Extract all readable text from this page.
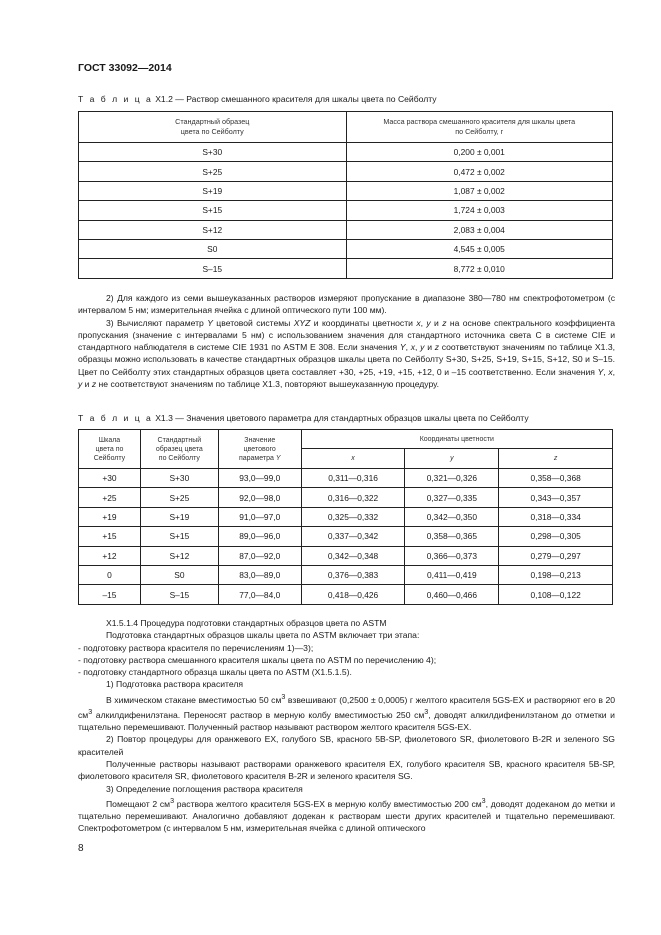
ГОСТ 33092—2014
Т а б л и ц а X1.2 — Раствор смешанного красителя для шкалы цвета по Сейболту
Стандартный образец
цвета по Сейболту	Масса раствора смешанного красителя для шкалы цвета
по Сейболту, г
S+30	0,200 ± 0,001
S+25	0,472 ± 0,002
S+19	1,087 ± 0,002
S+15	1,724 ± 0,003
S+12	2,083 ± 0,004
S0	4,545 ± 0,005
S–15	8,772 ± 0,010

2) Для каждого из семи вышеуказанных растворов измеряют пропускание в диапазоне 380—780 нм спектрофотометром (с интервалом 5 нм; измерительная ячейка с длиной оптического пути 100 мм).

3) Вычисляют параметр Y цветовой системы XYZ и координаты цветности x, y и z на основе спектрального коэффициента пропускания (значение с интервалами 5 нм) с использованием значения для стандартного источника света С в системе CIE и стандартного наблюдателя в системе CIE 1931 по ASTM E 308. Если значения Y, x, y и z соответствуют значениям по таблице X1.3, образцы можно использовать в качестве стандартных образцов шкалы цвета по Сейболту S+30, S+25, S+19, S+15, S+12, S0 и S–15. Цвет по Сейболту этих стандартных образцов цвета составляет +30, +25, +19, +15, +12, 0 и –15 соответственно. Если значения Y, x, y и z не соответствуют значениям по таблице X1.3, повторяют вышеуказанную процедуру.

Т а б л и ц а X1.3 — Значения цветового параметра для стандартных образцов шкалы цвета по Сейболту
Шкала
цвета по
Сейболту	Стандартный
образец цвета
по Сейболту	Значение
цветового
параметра Y	Координаты цветности		
			x	y	z
+30	S+30	93,0—99,0	0,311—0,316	0,321—0,326	0,358—0,368
+25	S+25	92,0—98,0	0,316—0,322	0,327—0,335	0,343—0,357
+19	S+19	91,0—97,0	0,325—0,332	0,342—0,350	0,318—0,334
+15	S+15	89,0—96,0	0,337—0,342	0,358—0,365	0,298—0,305
+12	S+12	87,0—92,0	0,342—0,348	0,366—0,373	0,279—0,297
0	S0	83,0—89,0	0,376—0,383	0,411—0,419	0,198—0,213
–15	S–15	77,0—84,0	0,418—0,426	0,460—0,466	0,108—0,122

X1.5.1.4 Процедура подготовки стандартных образцов цвета по ASTM

Подготовка стандартных образцов шкалы цвета по ASTM включает три этапа:

- подготовку раствора красителя по перечислениям 1)—3);

- подготовку раствора смешанного красителя шкалы цвета по ASTM по перечислению 4);

- подготовку стандартного образца шкалы цвета по ASTM (X1.5.1.5).

1) Подготовка раствора красителя

В химическом стакане вместимостью 50 $см^3$ взвешивают (0,2500 ± 0,0005) г желтого красителя 5GS-EX и растворяют его в 20 $см^3$ алкилдифенилэтана. Переносят раствор в мерную колбу вместимостью 250 $см^3$, доводят алкилдифенилэтаном до отметки и тщательно перемешивают. Полученный раствор называют раствором желтого красителя 5GS-EX.

2) Повтор процедуры для оранжевого EX, голубого SB, красного 5B-SP, фиолетового SR, фиолетового B-2R и зеленого SG красителей

Полученные растворы называют растворами оранжевого красителя EX, голубого красителя SB, красного красителя 5B-SP, фиолетового красителя SR, фиолетового красителя B-2R и зеленого красителя SG.

3) Определение поглощения раствора красителя

Помещают 2 $см^3$ раствора желтого красителя 5GS-EX в мерную колбу вместимостью 200 $см^3$, доводят додеканом до метки и тщательно перемешивают. Аналогично добавляют додекан к растворам шести других красителей и тщательно перемешивают. Спектрофотометром (с интервалом 5 нм, измерительная ячейка с длиной оптического

8
